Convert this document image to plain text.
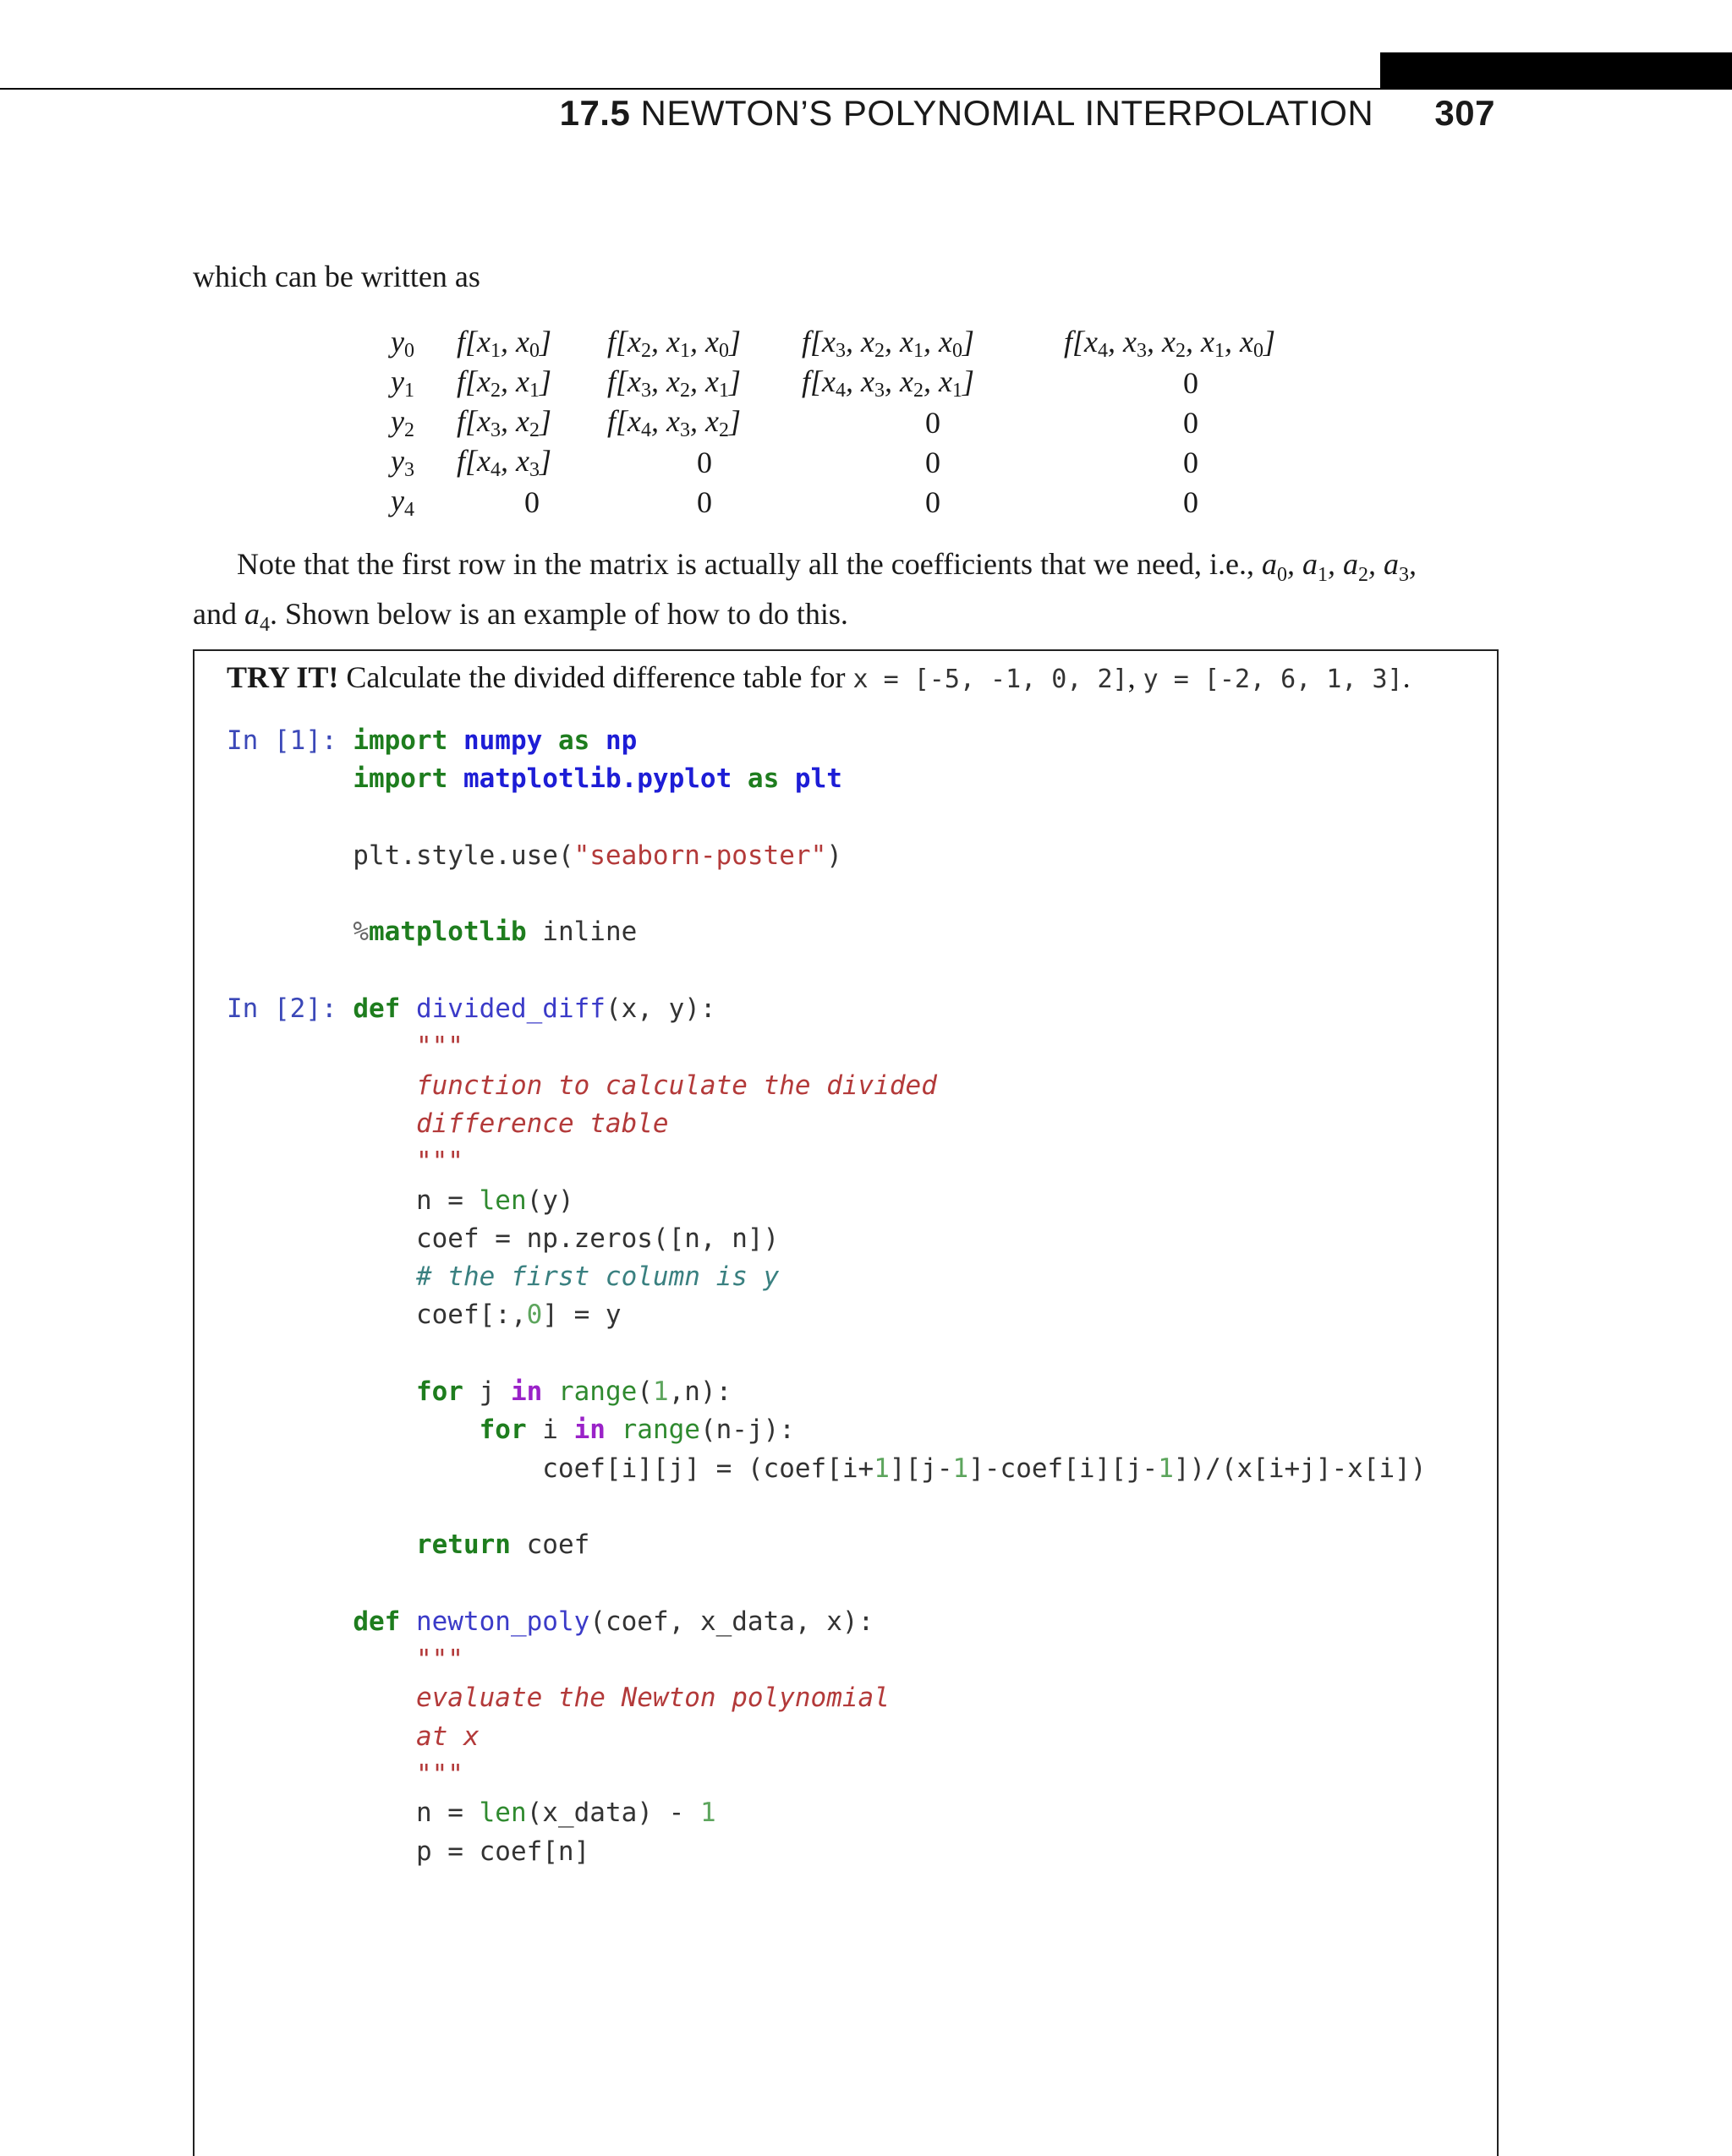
17.5 NEWTON’S POLYNOMIAL INTERPOLATION 307
which can be written as
$y_0$	$f[x_1$, $x_0$]	$f[x_2$, $x_1$, $x_0$]	$f[x_3$, $x_2$, $x_1$, $x_0$]	$f[x_4$, $x_3$, $x_2$, $x_1$, $x_0$]
$y_1$	$f[x_2$, $x_1$]	$f[x_3$, $x_2$, $x_1$]	$f[x_4$, $x_3$, $x_2$, $x_1$]	0
$y_2$	$f[x_3$, $x_2$]	$f[x_4$, $x_3$, $x_2$]	0	0
$y_3$	$f[x_4$, $x_3$]	0	0	0
$y_4$	0	0	0	0
Note that the first row in the matrix is actually all the coefficients that we need, i.e., $a_0$, $a_1$, $a_2$, $a_3$,
and $a_4$. Shown below is an example of how to do this.
TRY IT! Calculate the divided difference table for x = [-5, -1, 0, 2], y = [-2, 6, 1, 3].
In [1]: import numpy as np
import matplotlib.pyplot as plt

plt.style.use("seaborn-poster")

%matplotlib inline

In [2]: def divided_diff(x, y):
"""
function to calculate the divided
difference table
"""
n = len(y)
coef = np.zeros([n, n])
# the first column is y
coef[:,0] = y

for j in range(1,n):
for i in range(n-j):
coef[i][j] = (coef[i+1][j-1]-coef[i][j-1])/(x[i+j]-x[i])

return coef

def newton_poly(coef, x_data, x):
"""
evaluate the Newton polynomial
at x
"""
n = len(x_data) - 1
p = coef[n]
